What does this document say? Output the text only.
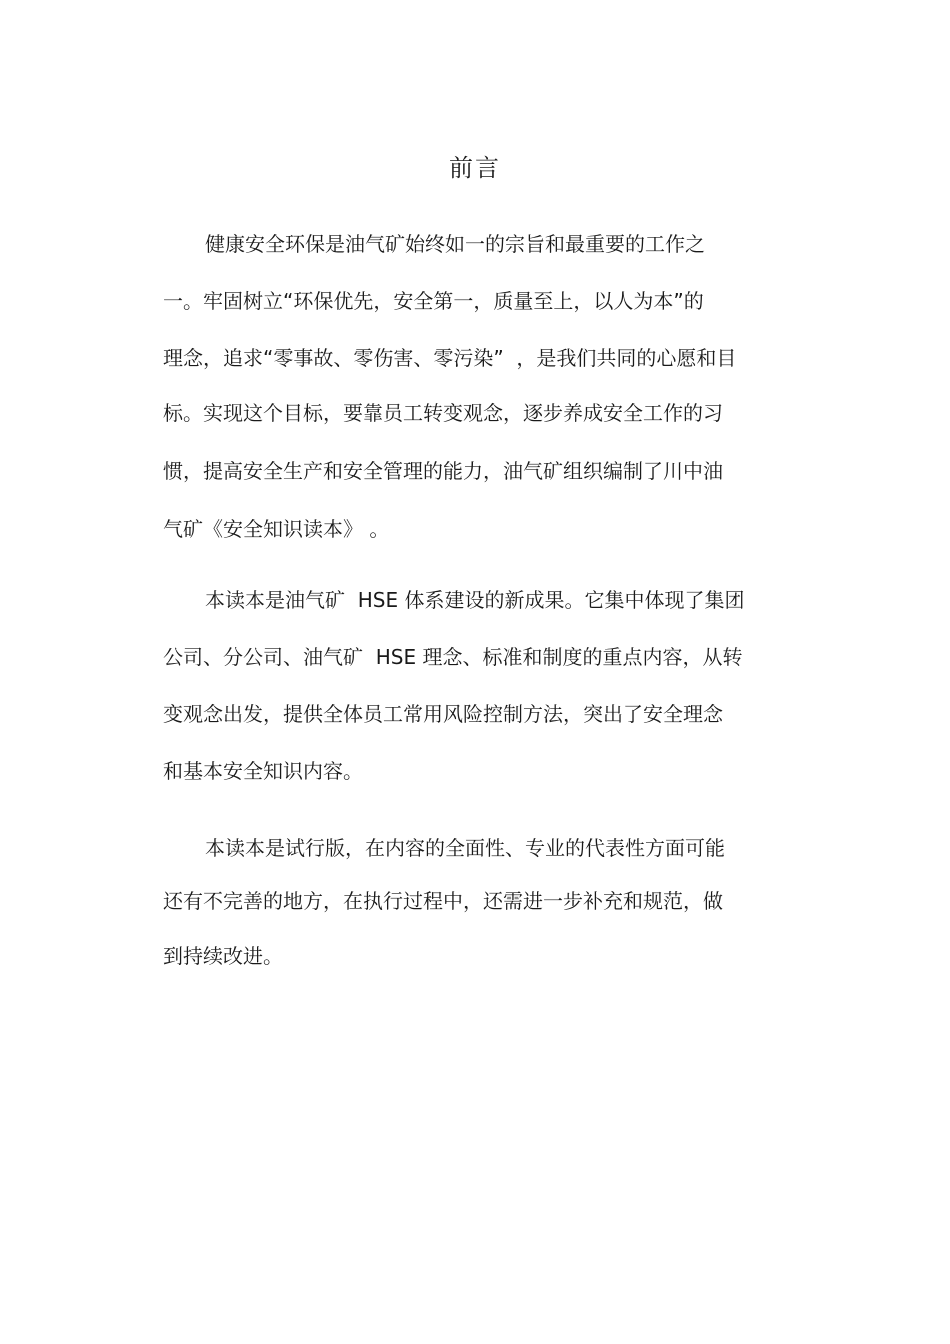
前言
健康安全环保是油气矿始终如一的宗旨和最重要的工作之
一。牢固树立“环保优先，安全第一，质量至上，以人为本”的
理念，追求“零事故、零伤害、零污染”  ，是我们共同的心愿和目
标。实现这个目标，要靠员工转变观念，逐步养成安全工作的习
惯，提高安全生产和安全管理的能力，油气矿组织编制了川中油
气矿《安全知识读本》 。
本读本是油气矿  HSE 体系建设的新成果。它集中体现了集团
公司、分公司、油气矿  HSE 理念、标准和制度的重点内容，从转
变观念出发，提供全体员工常用风险控制方法，突出了安全理念
和基本安全知识内容。
本读本是试行版，在内容的全面性、专业的代表性方面可能
还有不完善的地方，在执行过程中，还需进一步补充和规范，做
到持续改进。
